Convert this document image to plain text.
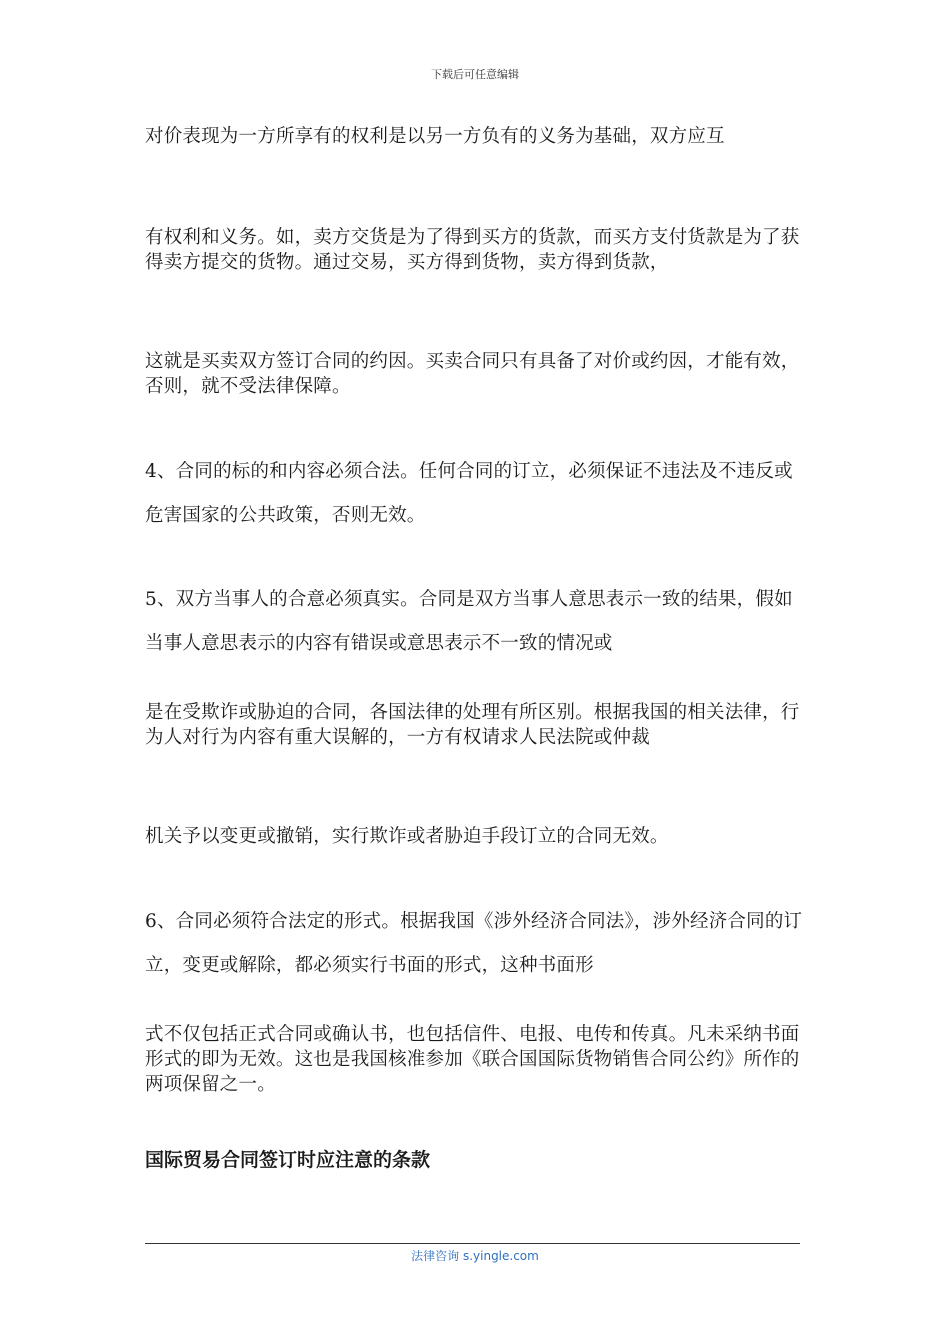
下载后可任意编辑

对价表现为一方所享有的权利是以另一方负有的义务为基础，双方应互

有权利和义务。如，卖方交货是为了得到买方的货款，而买方支付货款是为了获得卖方提交的货物。通过交易，买方得到货物，卖方得到货款，

这就是买卖双方签订合同的约因。买卖合同只有具备了对价或约因，才能有效，否则，就不受法律保障。

4、合同的标的和内容必须合法。任何合同的订立，必须保证不违法及不违反或危害国家的公共政策，否则无效。

5、双方当事人的合意必须真实。合同是双方当事人意思表示一致的结果，假如当事人意思表示的内容有错误或意思表示不一致的情况或

是在受欺诈或胁迫的合同，各国法律的处理有所区别。根据我国的相关法律，行为人对行为内容有重大误解的，一方有权请求人民法院或仲裁

机关予以变更或撤销，实行欺诈或者胁迫手段订立的合同无效。

6、合同必须符合法定的形式。根据我国《涉外经济合同法》，涉外经济合同的订立，变更或解除，都必须实行书面的形式，这种书面形

式不仅包括正式合同或确认书，也包括信件、电报、电传和传真。凡未采纳书面形式的即为无效。这也是我国核准参加《联合国国际货物销售合同公约》所作的两项保留之一。

国际贸易合同签订时应注意的条款
法律咨询 s.yingle.com
